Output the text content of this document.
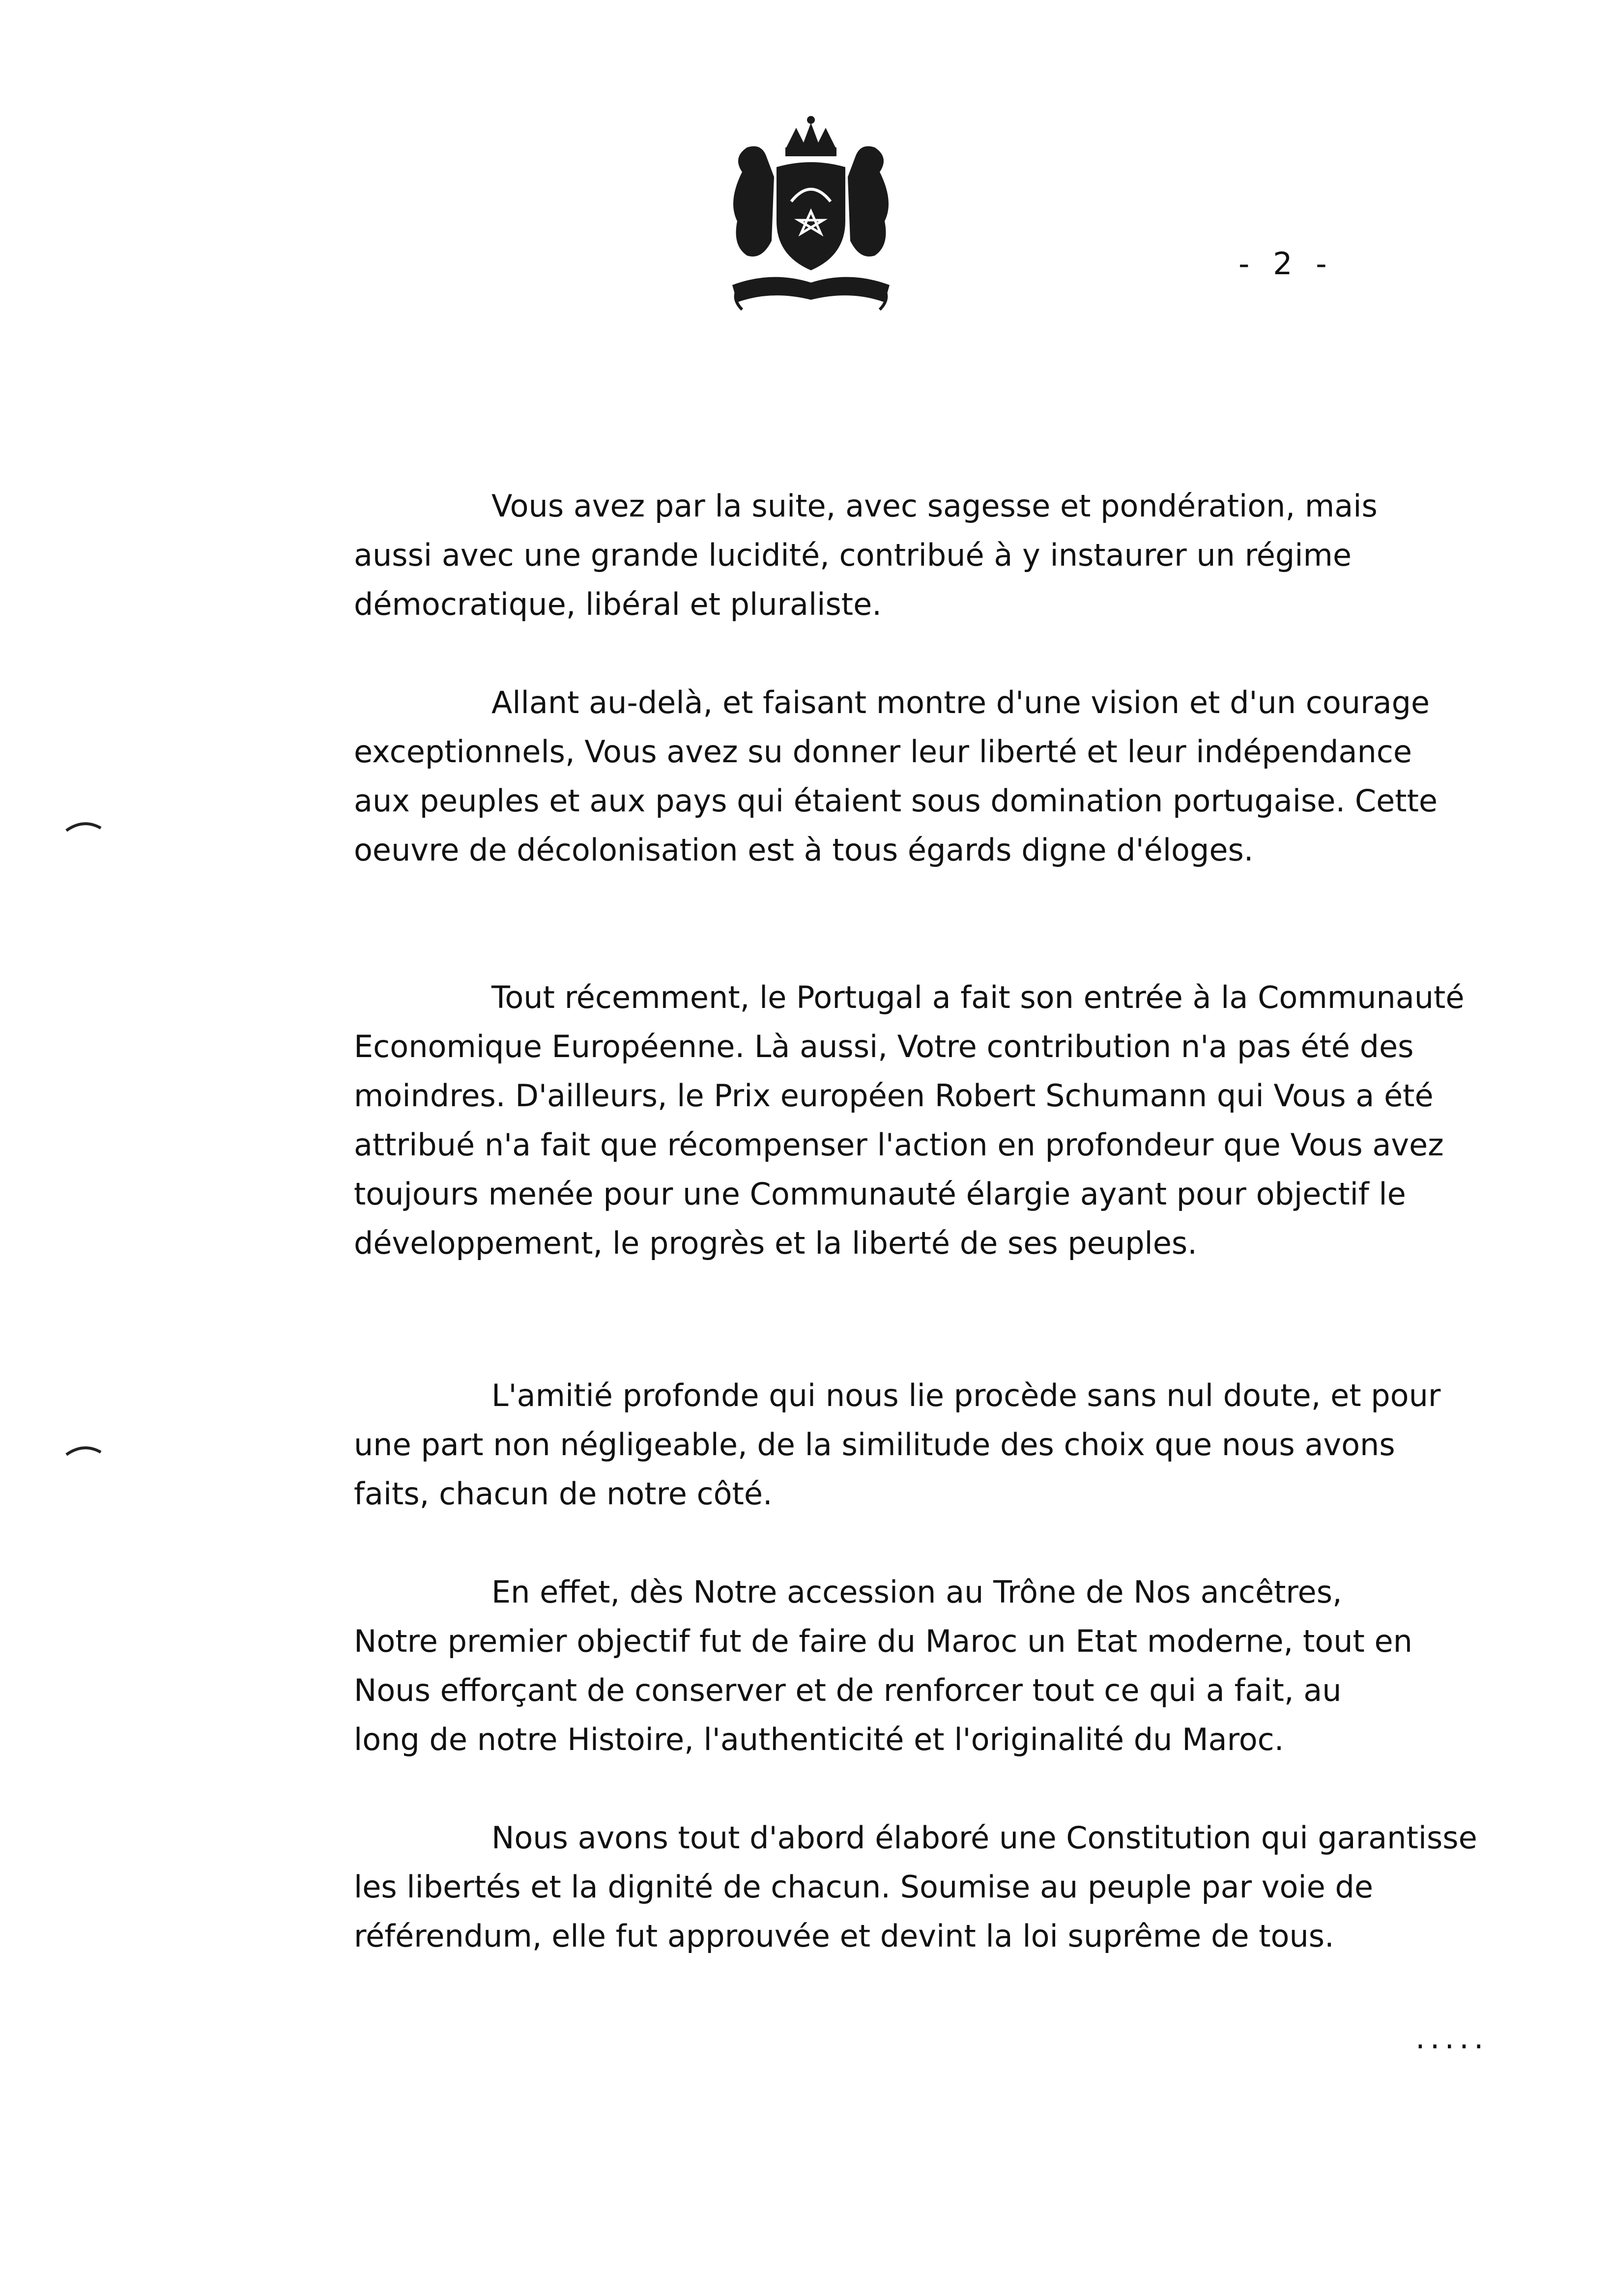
- 2 -

Vous avez par la suite, avec sagesse et pondération, mais
aussi avec une grande lucidité, contribué à y instaurer un régime
démocratique, libéral et pluraliste.

Allant au-delà, et faisant montre d'une vision et d'un courage
exceptionnels, Vous avez su donner leur liberté et leur indépendance
aux peuples et aux pays qui étaient sous domination portugaise. Cette
oeuvre de décolonisation est à tous égards digne d'éloges.

Tout récemment, le Portugal a fait son entrée à la Communauté
Economique Européenne. Là aussi, Votre contribution n'a pas été des
moindres. D'ailleurs, le Prix européen Robert Schumann qui Vous a été
attribué n'a fait que récompenser l'action en profondeur que Vous avez
toujours menée pour une Communauté élargie ayant pour objectif le
développement, le progrès et la liberté de ses peuples.

L'amitié profonde qui nous lie procède sans nul doute, et pour
une part non négligeable, de la similitude des choix que nous avons
faits, chacun de notre côté.

En effet, dès Notre accession au Trône de Nos ancêtres,
Notre premier objectif fut de faire du Maroc un Etat moderne, tout en
Nous efforçant de conserver et de renforcer tout ce qui a fait, au
long de notre Histoire, l'authenticité et l'originalité du Maroc.

Nous avons tout d'abord élaboré une Constitution qui garantisse
les libertés et la dignité de chacun. Soumise au peuple par voie de
référendum, elle fut approuvée et devint la loi suprême de tous.

.....
